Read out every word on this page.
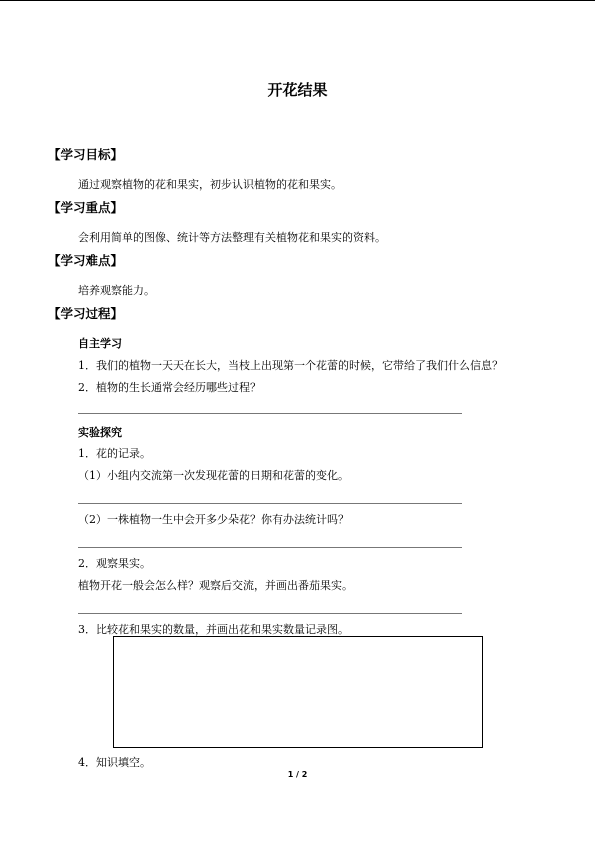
开花结果
【学习目标】
通过观察植物的花和果实，初步认识植物的花和果实。
【学习重点】
会利用简单的图像、统计等方法整理有关植物花和果实的资料。
【学习难点】
培养观察能力。
【学习过程】
自主学习
1．我们的植物一天天在长大，当枝上出现第一个花蕾的时候，它带给了我们什么信息？
2．植物的生长通常会经历哪些过程？
实验探究
1．花的记录。
（1）小组内交流第一次发现花蕾的日期和花蕾的变化。
（2）一株植物一生中会开多少朵花？你有办法统计吗？
2．观察果实。
植物开花一般会怎么样？观察后交流，并画出番茄果实。
3．比较花和果实的数量，并画出花和果实数量记录图。
4．知识填空。
1 / 2
